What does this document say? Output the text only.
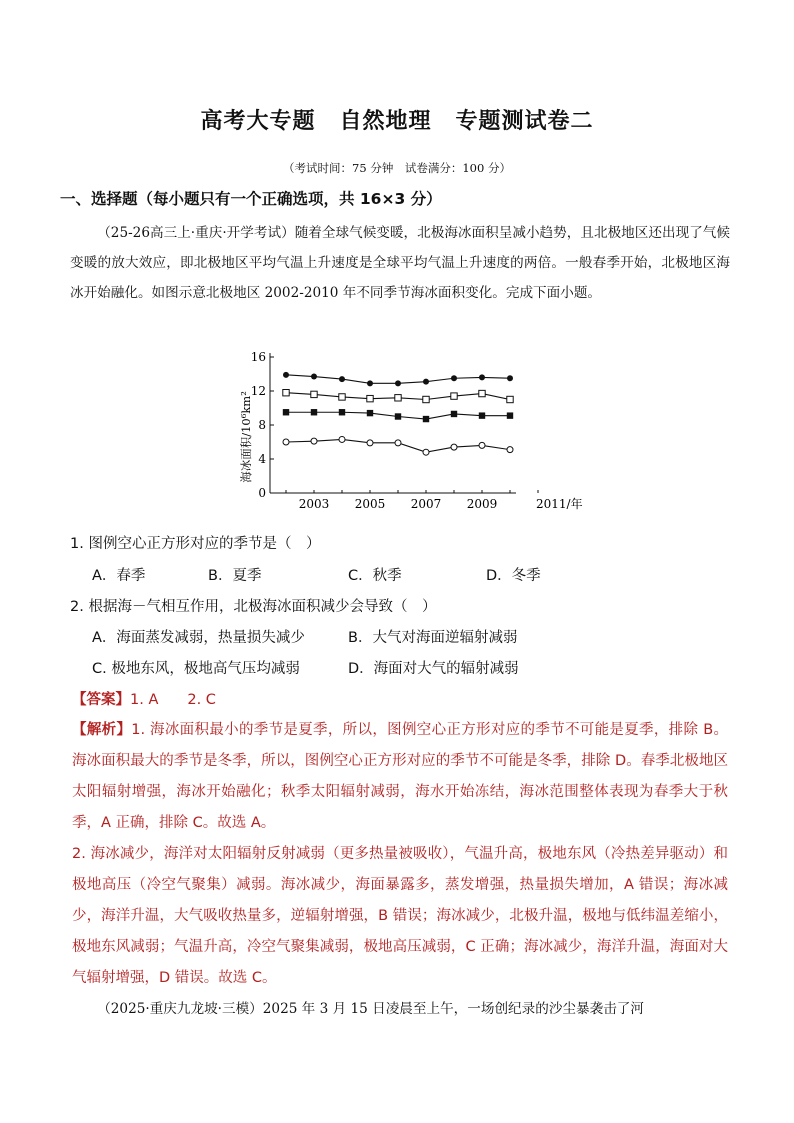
高考大专题 自然地理 专题测试卷二
（考试时间：75 分钟　试卷满分：100 分）
一、选择题（每小题只有一个正确选项，共 16×3 分）
（25-26高三上·重庆·开学考试）随着全球气候变暖，北极海冰面积呈减小趋势，且北极地区还出现了气候变暖的放大效应，即北极地区平均气温上升速度是全球平均气温上升速度的两倍。一般春季开始，北极地区海冰开始融化。如图示意北极地区 2002-2010 年不同季节海冰面积变化。完成下面小题。
0
4
8
12
16
2003 2005 2007 2009	2011/年
海冰面积/10⁶km²
1. 图例空心正方形对应的季节是（　）
A．春季	B．夏季	C．秋季	D．冬季
2. 根据海－气相互作用，北极海冰面积减少会导致（　）
A．海面蒸发减弱，热量损失减少	B．大气对海面逆辐射减弱
C. 极地东风，极地高气压均减弱	D．海面对大气的辐射减弱
【答案】1. A　　2. C
【解析】1. 海冰面积最小的季节是夏季，所以，图例空心正方形对应的季节不可能是夏季，排除 B。海冰面积最大的季节是冬季，所以，图例空心正方形对应的季节不可能是冬季，排除 D。春季北极地区太阳辐射增强，海冰开始融化；秋季太阳辐射减弱，海水开始冻结，海冰范围整体表现为春季大于秋季，A 正确，排除 C。故选 A。
2. 海冰减少，海洋对太阳辐射反射减弱（更多热量被吸收），气温升高，极地东风（冷热差异驱动）和极地高压（冷空气聚集）减弱。海冰减少，海面暴露多，蒸发增强，热量损失增加，A 错误；海冰减少，海洋升温，大气吸收热量多，逆辐射增强，B 错误；海冰减少，北极升温，极地与低纬温差缩小，极地东风减弱；气温升高，冷空气聚集减弱，极地高压减弱，C 正确；海冰减少，海洋升温，海面对大气辐射增强，D 错误。故选 C。
（2025·重庆九龙坡·三模）2025 年 3 月 15 日凌晨至上午，一场创纪录的沙尘暴袭击了河
